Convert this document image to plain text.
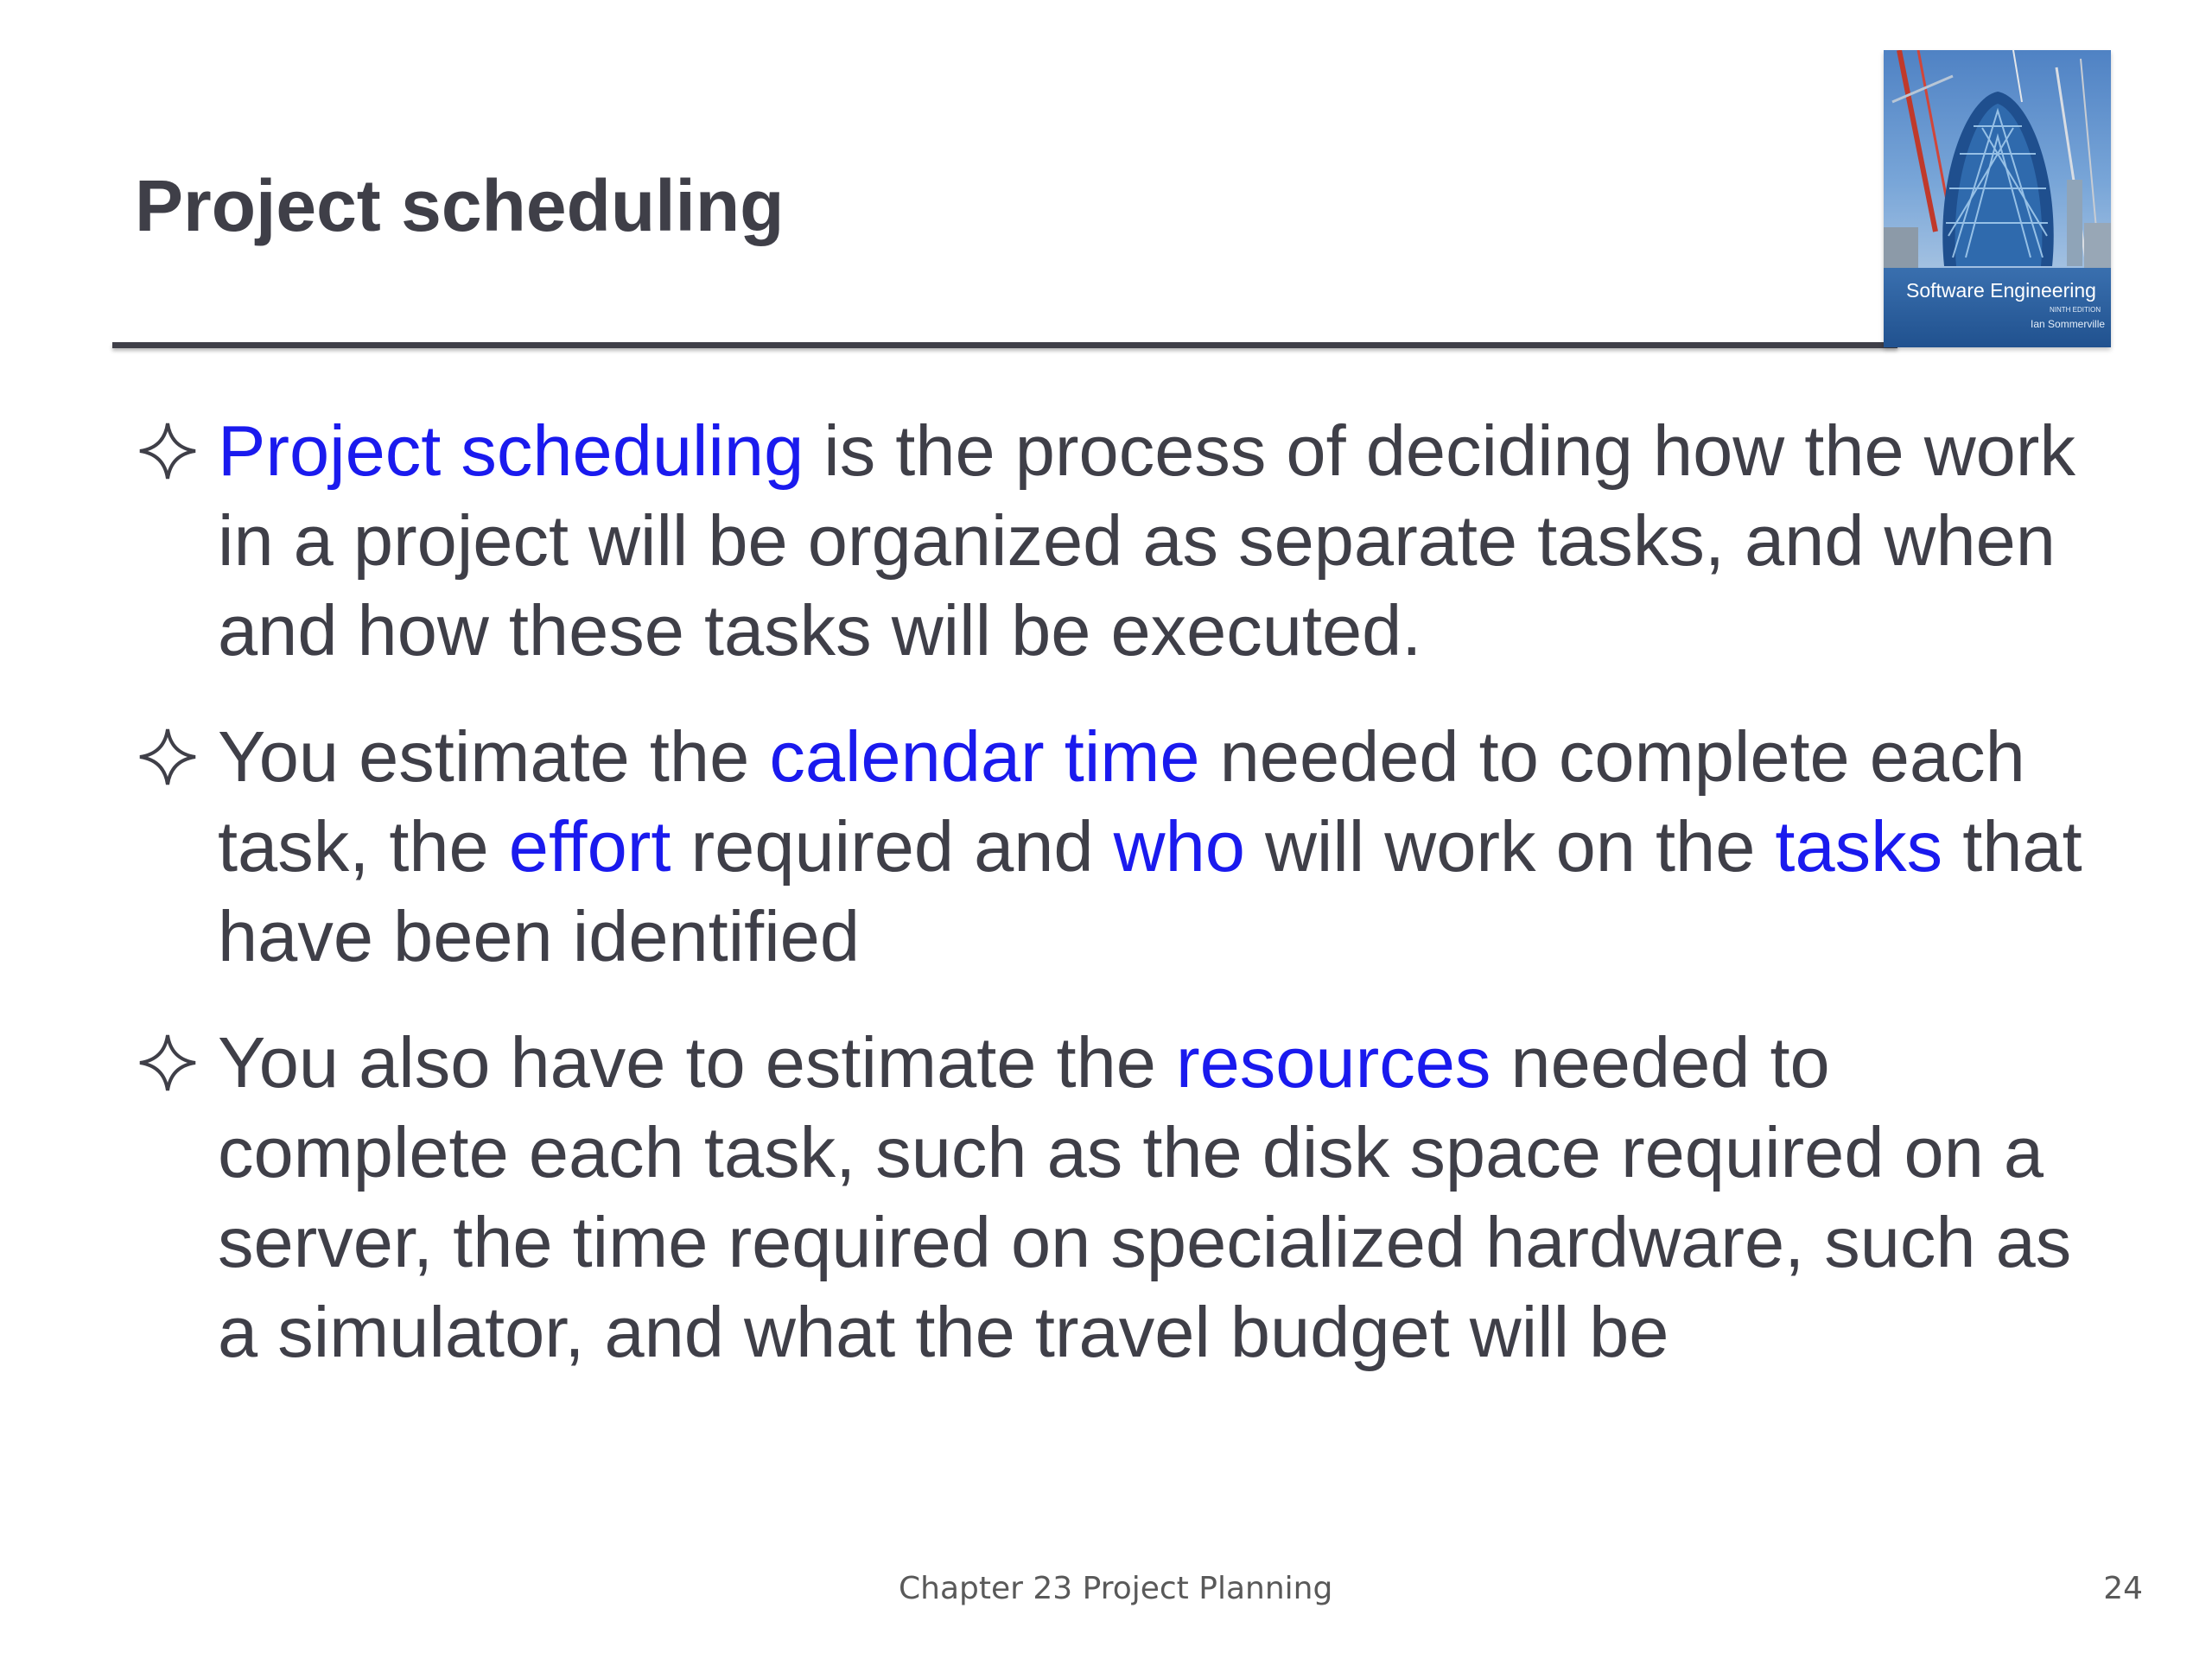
Project scheduling
Software Engineering
NINTH EDITION
Ian Sommerville
Project scheduling is the process of deciding how the work in a project will be organized as separate tasks, and when and how these tasks will be executed.
You estimate the calendar time needed to complete each task, the effort required and who will work on the tasks that have been identified
You also have to estimate the resources needed to complete each task, such as the disk space required on a server, the time required on specialized hardware, such as a simulator, and what the travel budget will be
Chapter 23 Project Planning	24
